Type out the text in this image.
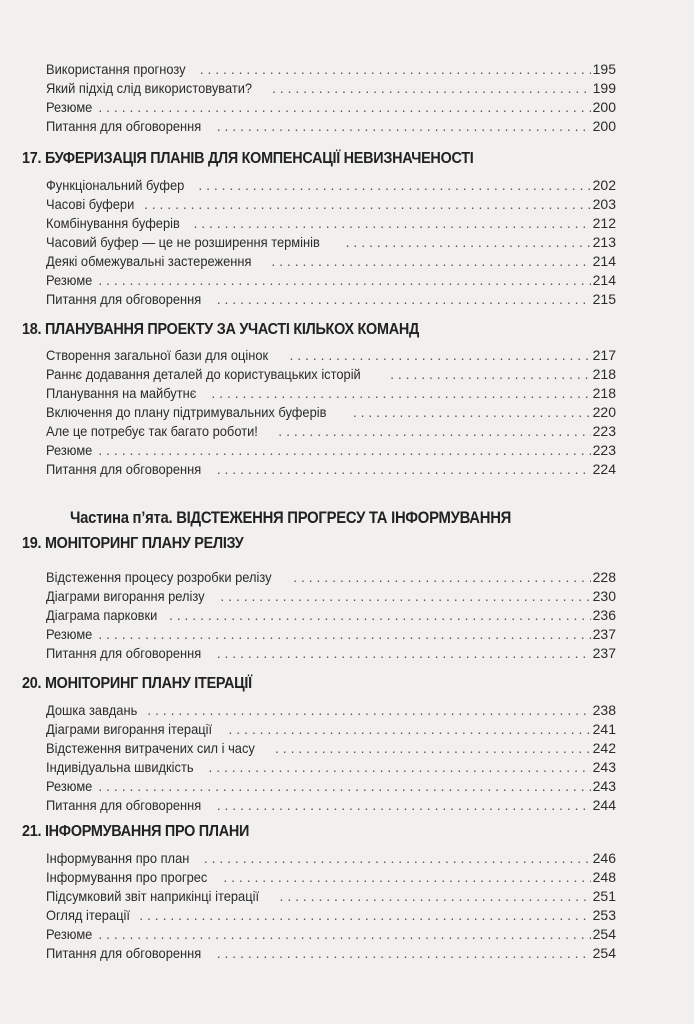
Використання прогнозу . . .	195
Який підхід слід використовувати? . . .	199
Резюме . . .	200
Питання для обговорення . . .	200
17. БУФЕРИЗАЦІЯ ПЛАНІВ ДЛЯ КОМПЕНСАЦІЇ НЕВИЗНАЧЕНОСТІ
Функціональний буфер . . .	202
Часові буфери . . .	203
Комбінування буферів . . .	212
Часовий буфер — це не розширення термінів . . .	213
Деякі обмежувальні застереження . . .	214
Резюме . . .	214
Питання для обговорення . . .	215
18. ПЛАНУВАННЯ ПРОЕКТУ ЗА УЧАСТІ КІЛЬКОХ КОМАНД
Створення загальної бази для оцінок . . .	217
Раннє додавання деталей до користувацьких історій . . .	218
Планування на майбутнє . . .	218
Включення до плану підтримувальних буферів . . .	220
Але це потребує так багато роботи! . . .	223
Резюме . . .	223
Питання для обговорення . . .	224
Частина п’ята. ВІДСТЕЖЕННЯ ПРОГРЕСУ ТА ІНФОРМУВАННЯ
19. МОНІТОРИНГ ПЛАНУ РЕЛІЗУ
Відстеження процесу розробки релізу . . .	228
Діаграми вигорання релізу . . .	230
Діаграма парковки . . .	236
Резюме . . .	237
Питання для обговорення . . .	237
20. МОНІТОРИНГ ПЛАНУ ІТЕРАЦІЇ
Дошка завдань . . .	238
Діаграми вигорання ітерації . . .	241
Відстеження витрачених сил і часу . . .	242
Індивідуальна швидкість . . .	243
Резюме . . .	243
Питання для обговорення . . .	244
21. ІНФОРМУВАННЯ ПРО ПЛАНИ
Інформування про план . . .	246
Інформування про прогрес . . .	248
Підсумковий звіт наприкінці ітерації . . .	251
Огляд ітерації . . .	253
Резюме . . .	254
Питання для обговорення . . .	254
